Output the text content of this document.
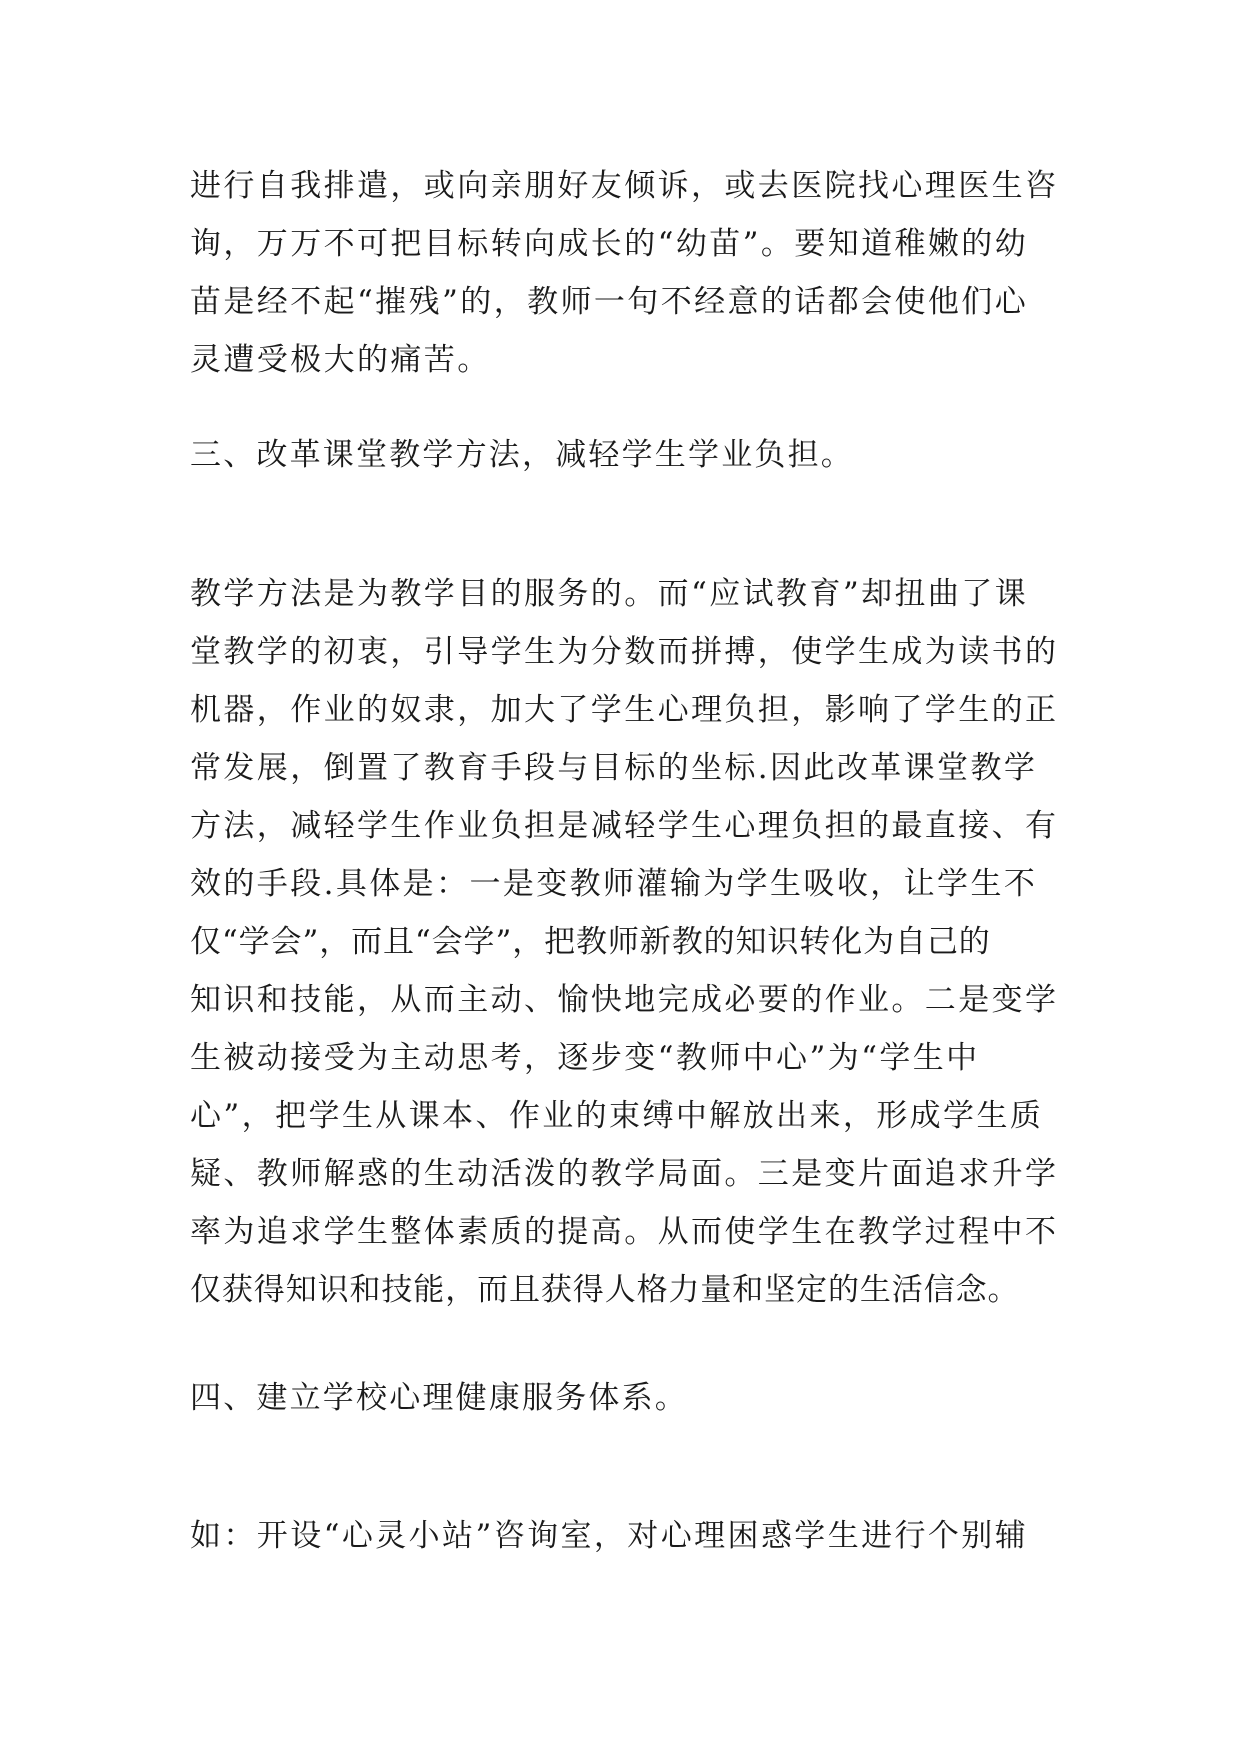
进行自我排遣，或向亲朋好友倾诉，或去医院找心理医生咨
询，万万不可把目标转向成长的“幼苗”。要知道稚嫩的幼
苗是经不起“摧残”的，教师一句不经意的话都会使他们心
灵遭受极大的痛苦。
三、改革课堂教学方法，减轻学生学业负担。
教学方法是为教学目的服务的。而“应试教育”却扭曲了课
堂教学的初衷，引导学生为分数而拼搏，使学生成为读书的
机器，作业的奴隶，加大了学生心理负担，影响了学生的正
常发展，倒置了教育手段与目标的坐标.因此改革课堂教学
方法，减轻学生作业负担是减轻学生心理负担的最直接、有
效的手段.具体是：一是变教师灌输为学生吸收，让学生不
仅“学会”，而且“会学”，把教师新教的知识转化为自己的
知识和技能，从而主动、愉快地完成必要的作业。二是变学
生被动接受为主动思考，逐步变“教师中心”为“学生中
心”，把学生从课本、作业的束缚中解放出来，形成学生质
疑、教师解惑的生动活泼的教学局面。三是变片面追求升学
率为追求学生整体素质的提高。从而使学生在教学过程中不
仅获得知识和技能，而且获得人格力量和坚定的生活信念。
四、建立学校心理健康服务体系。
如：开设“心灵小站”咨询室，对心理困惑学生进行个别辅
